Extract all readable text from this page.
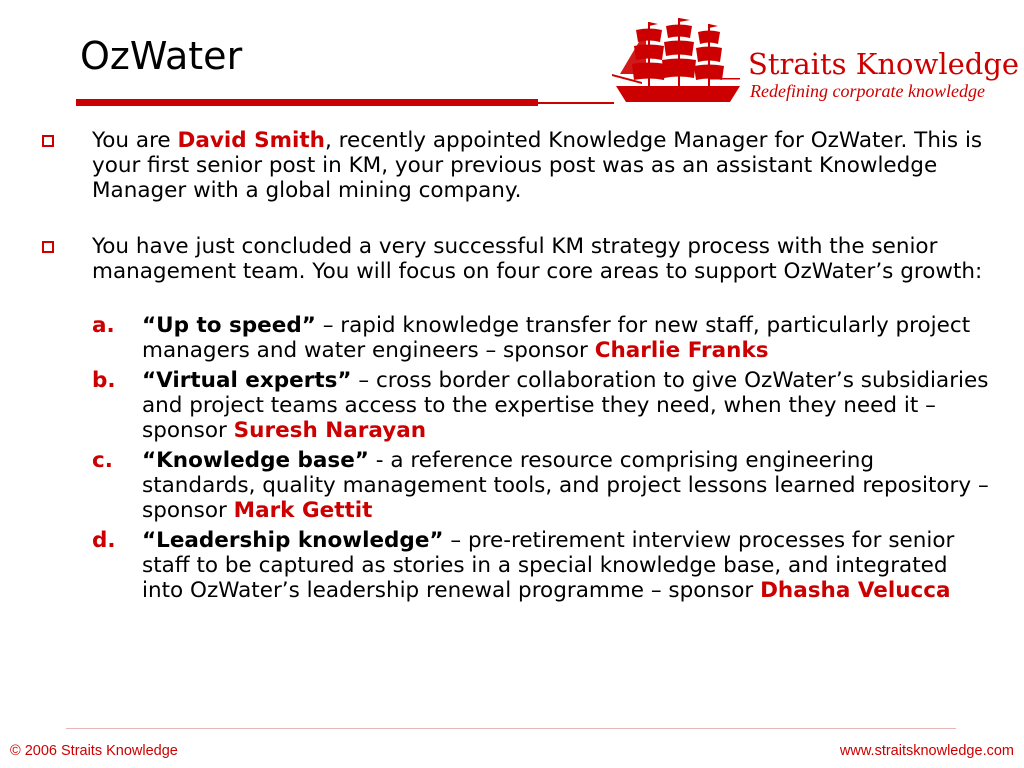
OzWater	Straits Knowledge
Redefining corporate knowledge
You are David Smith, recently appointed Knowledge Manager for OzWater. This is your first senior post in KM, your previous post was as an assistant Knowledge Manager with a global mining company.
You have just concluded a very successful KM strategy process with the senior management team. You will focus on four core areas to support OzWater’s growth:
a. “Up to speed” – rapid knowledge transfer for new staff, particularly project managers and water engineers – sponsor Charlie Franks
b. “Virtual experts” – cross border collaboration to give OzWater’s subsidiaries and project teams access to the expertise they need, when they need it – sponsor Suresh Narayan
c. “Knowledge base” - a reference resource comprising engineering standards, quality management tools, and project lessons learned repository – sponsor Mark Gettit
d. “Leadership knowledge” – pre-retirement interview processes for senior staff to be captured as stories in a special knowledge base, and integrated into OzWater’s leadership renewal programme – sponsor Dhasha Velucca
© 2006 Straits Knowledge	www.straitsknowledge.com
